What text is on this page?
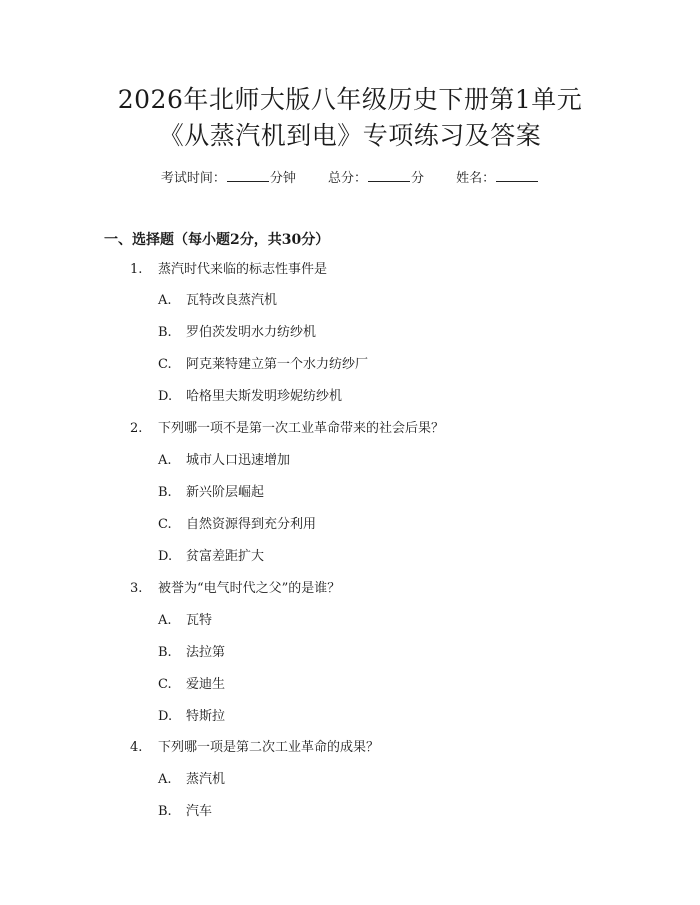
2026年北师大版八年级历史下册第1单元
《从蒸汽机到电》专项练习及答案
考试时间：	分钟 总分：	分 姓名：
一、选择题（每小题2分，共30分）
1. 蒸汽时代来临的标志性事件是
A. 瓦特改良蒸汽机
B. 罗伯茨发明水力纺纱机
C. 阿克莱特建立第一个水力纺纱厂
D. 哈格里夫斯发明珍妮纺纱机
2. 下列哪一项不是第一次工业革命带来的社会后果？
A. 城市人口迅速增加
B. 新兴阶层崛起
C. 自然资源得到充分利用
D. 贫富差距扩大
3. 被誉为“电气时代之父”的是谁？
A. 瓦特
B. 法拉第
C. 爱迪生
D. 特斯拉
4. 下列哪一项是第二次工业革命的成果？
A. 蒸汽机
B. 汽车
